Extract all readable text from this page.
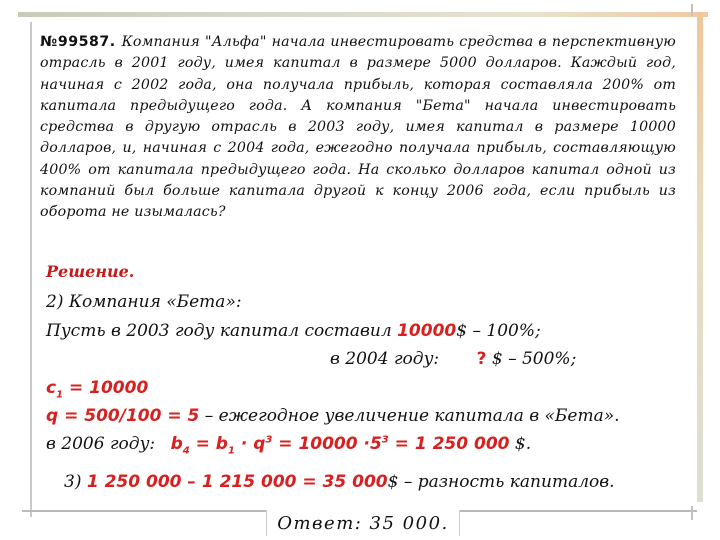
№99587. Компания "Альфа" начала инвестировать средства в перспективную отрасль в 2001 году, имея капитал в размере 5000 долларов. Каждый год, начиная с 2002 года, она получала прибыль, которая составляла 200% от капитала предыдущего года. А компания "Бета" начала инвестировать средства в другую отрасль в 2003 году, имея капитал в размере 10000 долларов, и, начиная с 2004 года, ежегодно получала прибыль, составляющую 400% от капитала предыдущего года. На сколько долларов капитал одной из компаний был больше капитала другой к концу 2006 года, если прибыль из оборота не изымалась?
Решение.
2) Компания «Бета»:
Пусть в 2003 году капитал составил 10000$ – 100%;
в 2004 году: ? $ – 500%;
$c_1 = 10000$
q = 500/100 = 5 – ежегодное увеличение капитала в «Бета».
в 2006 году: $b_4 = b_1 \cdot q^3 = 10000 \cdot 5^3 = 1$ 250 000 $.
3) 1 250 000 – 1 215 000 = 35 000$ – разность капиталов.
Ответ: 35 000.
